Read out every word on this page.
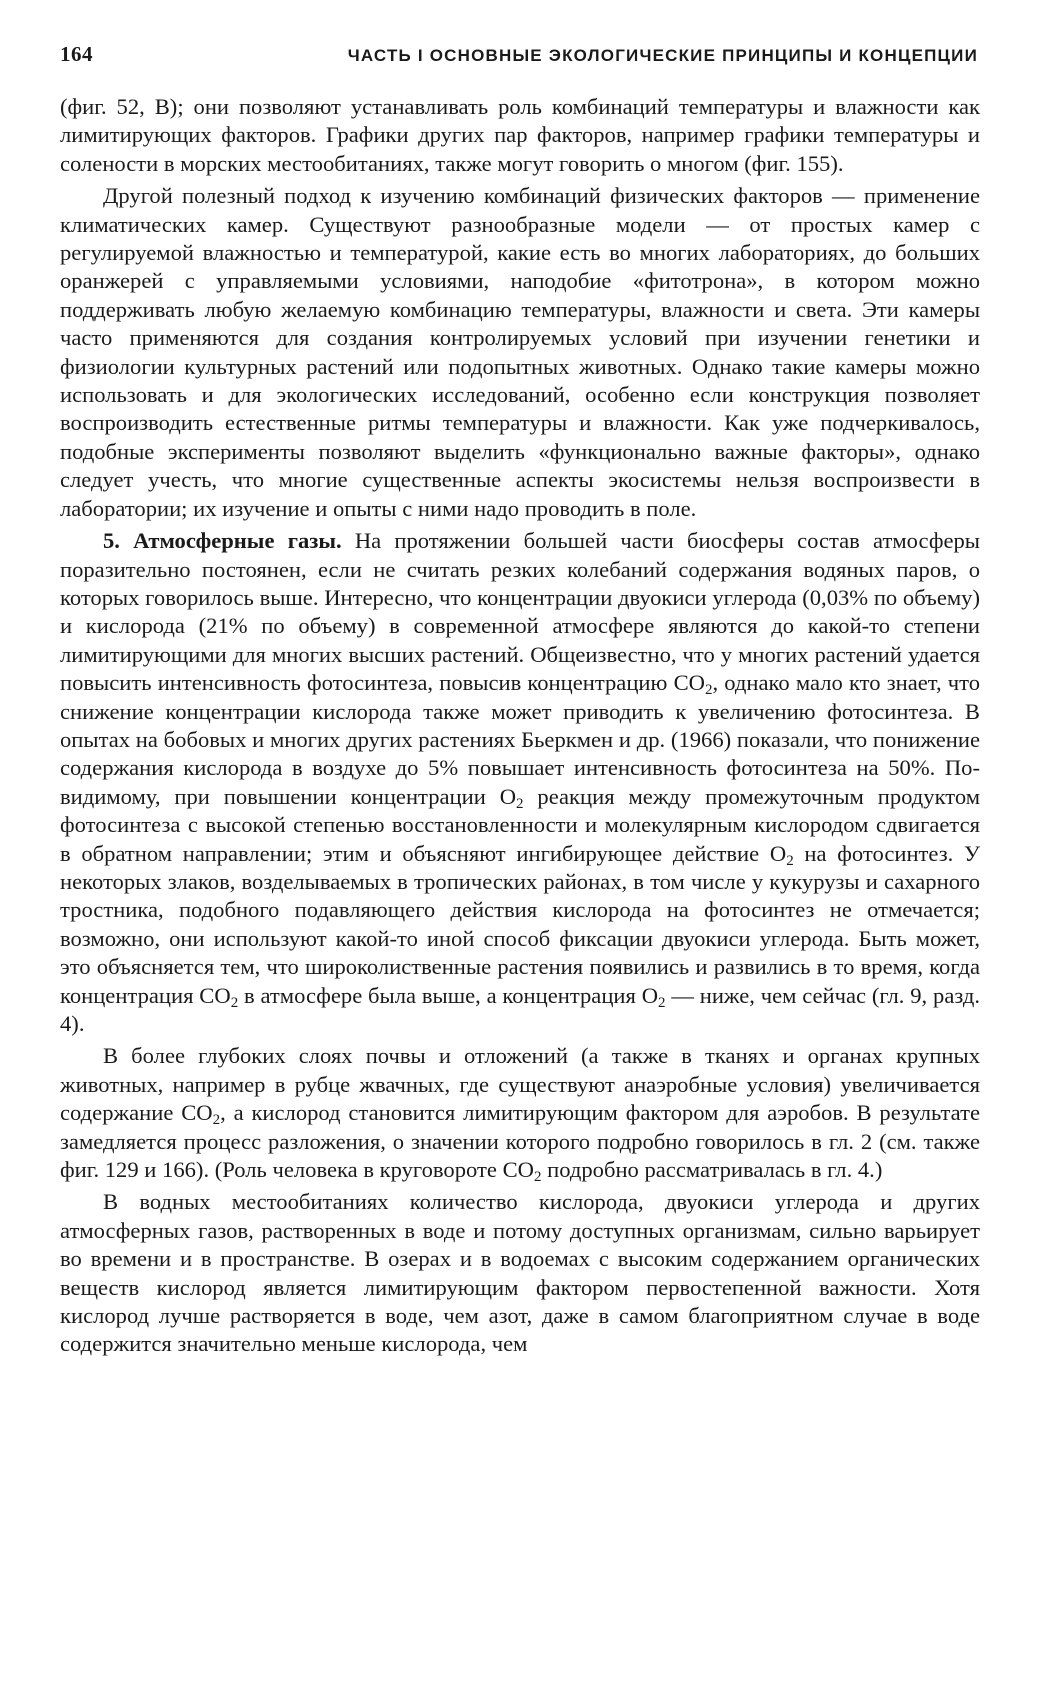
164	ЧАСТЬ I ОСНОВНЫЕ ЭКОЛОГИЧЕСКИЕ ПРИНЦИПЫ И КОНЦЕПЦИИ

(фиг. 52, В); они позволяют устанавливать роль комбинаций температуры и влажности как лимитирующих факторов. Графики других пар факторов, например графики температуры и солености в морских местообитаниях, также могут говорить о многом (фиг. 155).

Другой полезный подход к изучению комбинаций физических факторов — применение климатических камер. Существуют разнообразные модели — от простых камер с регулируемой влажностью и температурой, какие есть во многих лабораториях, до больших оранжерей с управляемыми условиями, наподобие «фитотрона», в котором можно поддерживать любую желаемую комбинацию температуры, влажности и света. Эти камеры часто применяются для создания контролируемых условий при изучении генетики и физиологии культурных растений или подопытных животных. Однако такие камеры можно использовать и для экологических исследований, особенно если конструкция позволяет воспроизводить естественные ритмы температуры и влажности. Как уже подчеркивалось, подобные эксперименты позволяют выделить «функционально важные факторы», однако следует учесть, что многие существенные аспекты экосистемы нельзя воспроизвести в лаборатории; их изучение и опыты с ними надо проводить в поле.

5. Атмосферные газы. На протяжении большей части биосферы состав атмосферы поразительно постоянен, если не считать резких колебаний содержания водяных паров, о которых говорилось выше. Интересно, что концентрации двуокиси углерода (0,03% по объему) и кислорода (21% по объему) в современной атмосфере являются до какой-то степени лимитирующими для многих высших растений. Общеизвестно, что у многих растений удается повысить интенсивность фотосинтеза, повысив концентрацию $CO_2$, однако мало кто знает, что снижение концентрации кислорода также может приводить к увеличению фотосинтеза. В опытах на бобовых и многих других растениях Бьеркмен и др. (1966) показали, что понижение содержания кислорода в воздухе до 5% повышает интенсивность фотосинтеза на 50%. По-видимому, при повышении концентрации $O_2$ реакция между промежуточным продуктом фотосинтеза с высокой степенью восстановленности и молекулярным кислородом сдвигается в обратном направлении; этим и объясняют ингибирующее действие $O_2$ на фотосинтез. У некоторых злаков, возделываемых в тропических районах, в том числе у кукурузы и сахарного тростника, подобного подавляющего действия кислорода на фотосинтез не отмечается; возможно, они используют какой-то иной способ фиксации двуокиси углерода. Быть может, это объясняется тем, что широколиственные растения появились и развились в то время, когда концентрация $CO_2$ в атмосфере была выше, а концентрация $O_2$ — ниже, чем сейчас (гл. 9, разд. 4).

В более глубоких слоях почвы и отложений (а также в тканях и органах крупных животных, например в рубце жвачных, где существуют анаэробные условия) увеличивается содержание $CO_2$, а кислород становится лимитирующим фактором для аэробов. В результате замедляется процесс разложения, о значении которого подробно говорилось в гл. 2 (см. также фиг. 129 и 166). (Роль человека в круговороте $CO_2$ подробно рассматривалась в гл. 4.)

В водных местообитаниях количество кислорода, двуокиси углерода и других атмосферных газов, растворенных в воде и потому доступных организмам, сильно варьирует во времени и в пространстве. В озерах и в водоемах с высоким содержанием органических веществ кислород является лимитирующим фактором первостепенной важности. Хотя кислород лучше растворяется в воде, чем азот, даже в самом благоприятном случае в воде содержится значительно меньше кислорода, чем
